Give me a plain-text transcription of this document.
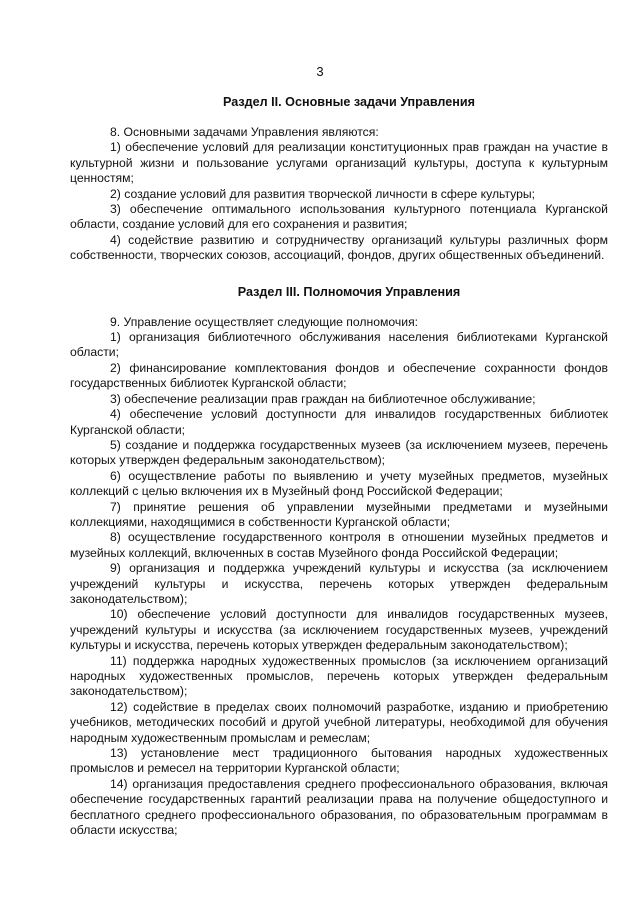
3
Раздел II. Основные задачи Управления

8. Основными задачами Управления являются:

1) обеспечение условий для реализации конституционных прав граждан на участие в культурной жизни и пользование услугами организаций культуры, доступа к культурным ценностям;

2) создание условий для развития творческой личности в сфере культуры;

3) обеспечение оптимального использования культурного потенциала Курганской области, создание условий для его сохранения и развития;

4) содействие развитию и сотрудничеству организаций культуры различных форм собственности, творческих союзов, ассоциаций, фондов, других общественных объединений.

Раздел III. Полномочия Управления

9. Управление осуществляет следующие полномочия:

1) организация библиотечного обслуживания населения библиотеками Курганской области;

2) финансирование комплектования фондов и обеспечение сохранности фондов государственных библиотек Курганской области;

3) обеспечение реализации прав граждан на библиотечное обслуживание;

4) обеспечение условий доступности для инвалидов государственных библиотек Курганской области;

5) создание и поддержка государственных музеев (за исключением музеев, перечень которых утвержден федеральным законодательством);

6) осуществление работы по выявлению и учету музейных предметов, музейных коллекций с целью включения их в Музейный фонд Российской Федерации;

7) принятие решения об управлении музейными предметами и музейными коллекциями, находящимися в собственности Курганской области;

8) осуществление государственного контроля в отношении музейных предметов и музейных коллекций, включенных в состав Музейного фонда Российской Федерации;

9) организация и поддержка учреждений культуры и искусства (за исключением учреждений культуры и искусства, перечень которых утвержден федеральным законодательством);

10) обеспечение условий доступности для инвалидов государственных музеев, учреждений культуры и искусства (за исключением государственных музеев, учреждений культуры и искусства, перечень которых утвержден федеральным законодательством);

11) поддержка народных художественных промыслов (за исключением организаций народных художественных промыслов, перечень которых утвержден федеральным законодательством);

12) содействие в пределах своих полномочий разработке, изданию и приобретению учебников, методических пособий и другой учебной литературы, необходимой для обучения народным художественным промыслам и ремеслам;

13) установление мест традиционного бытования народных художественных промыслов и ремесел на территории Курганской области;

14) организация предоставления среднего профессионального образования, включая обеспечение государственных гарантий реализации права на получение общедоступного и бесплатного среднего профессионального образования, по образовательным программам в области искусства;
